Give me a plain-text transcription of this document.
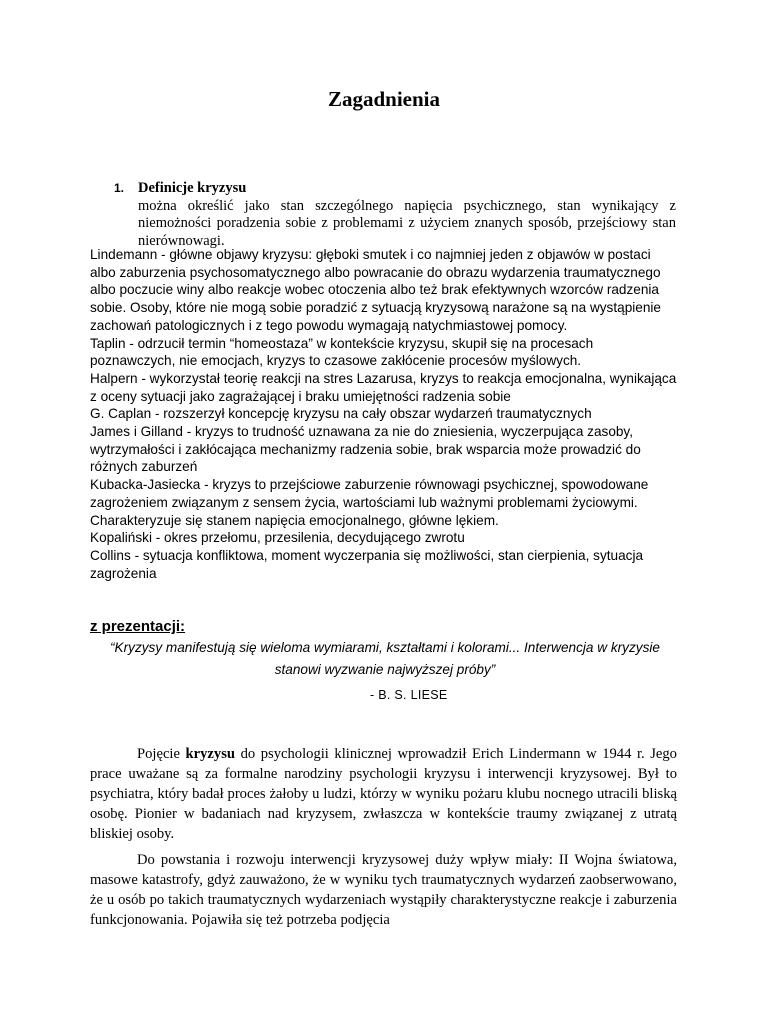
Zagadnienia
1. Definicje kryzysu
można określić jako stan szczególnego napięcia psychicznego, stan wynikający z niemożności poradzenia sobie z problemami z użyciem znanych sposób, przejściowy stan nierównowagi.

Lindemann - główne objawy kryzysu: głęboki smutek i co najmniej jeden z objawów w postaci albo zaburzenia psychosomatycznego albo powracanie do obrazu wydarzenia traumatycznego albo poczucie winy albo reakcje wobec otoczenia albo też brak efektywnych wzorców radzenia sobie. Osoby, które nie mogą sobie poradzić z sytuacją kryzysową narażone są na wystąpienie zachowań patologicznych i z tego powodu wymagają natychmiastowej pomocy.

Taplin - odrzucił termin “homeostaza” w kontekście kryzysu, skupił się na procesach poznawczych, nie emocjach, kryzys to czasowe zakłócenie procesów myślowych.

Halpern - wykorzystał teorię reakcji na stres Lazarusa, kryzys to reakcja emocjonalna, wynikająca z oceny sytuacji jako zagrażającej i braku umiejętności radzenia sobie

G. Caplan - rozszerzył koncepcję kryzysu na cały obszar wydarzeń traumatycznych

James i Gilland - kryzys to trudność uznawana za nie do zniesienia, wyczerpująca zasoby, wytrzymałości i zakłócająca mechanizmy radzenia sobie, brak wsparcia może prowadzić do różnych zaburzeń

Kubacka-Jasiecka - kryzys to przejściowe zaburzenie równowagi psychicznej, spowodowane zagrożeniem związanym z sensem życia, wartościami lub ważnymi problemami życiowymi. Charakteryzuje się stanem napięcia emocjonalnego, główne lękiem.

Kopaliński - okres przełomu, przesilenia, decydującego zwrotu

Collins - sytuacja konfliktowa, moment wyczerpania się możliwości, stan cierpienia, sytuacja zagrożenia

z prezentacji:
“Kryzysy manifestują się wieloma wymiarami, kształtami i kolorami... Interwencja w kryzysie
stanowi wyzwanie najwyższej próby”
- B. S. LIESE

Pojęcie kryzysu do psychologii klinicznej wprowadził Erich Lindermann w 1944 r. Jego prace uważane są za formalne narodziny psychologii kryzysu i interwencji kryzysowej. Był to psychiatra, który badał proces żałoby u ludzi, którzy w wyniku pożaru klubu nocnego utracili bliską osobę. Pionier w badaniach nad kryzysem, zwłaszcza w kontekście traumy związanej z utratą bliskiej osoby.

Do powstania i rozwoju interwencji kryzysowej duży wpływ miały: II Wojna światowa, masowe katastrofy, gdyż zauważono, że w wyniku tych traumatycznych wydarzeń zaobserwowano, że u osób po takich traumatycznych wydarzeniach wystąpiły charakterystyczne reakcje i zaburzenia funkcjonowania. Pojawiła się też potrzeba podjęcia
